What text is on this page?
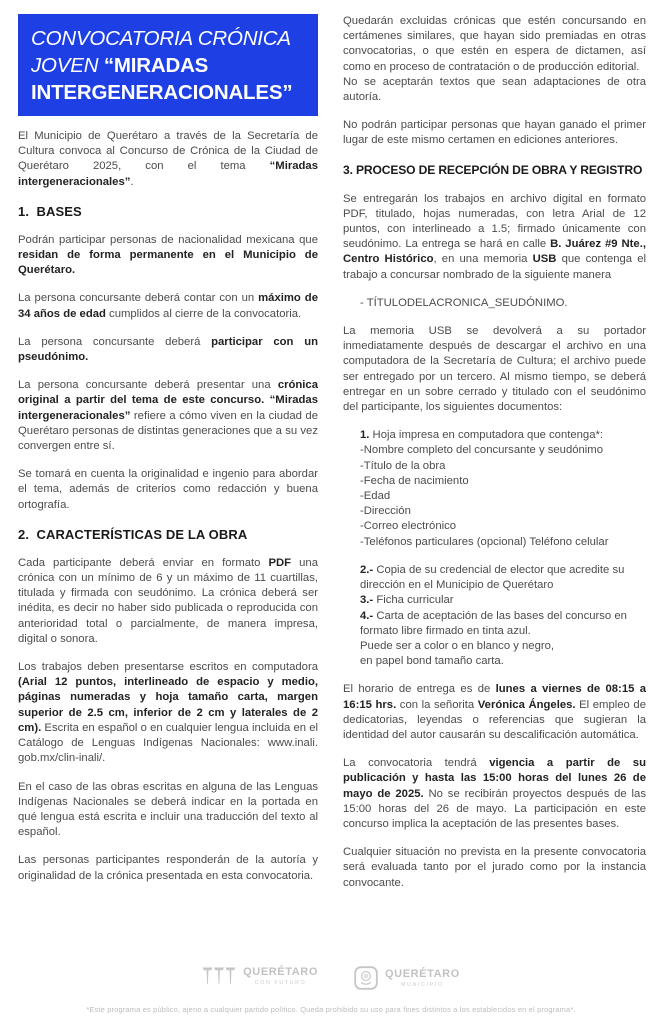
CONVOCATORIA CRÓNICA
JOVEN “MIRADAS
INTERGENERACIONALES”

El Municipio de Querétaro a través de la Secretaría de Cultura convoca al Concurso de Crónica de la Ciudad de Querétaro 2025, con el tema “Miradas intergeneracionales”.

1.  BASES

Podrán participar personas de nacionalidad mexicana que residan de forma permanente en el Municipio de Querétaro.

La persona concursante deberá contar con un máximo de 34 años de edad cumplidos al cierre de la convocatoria.

La persona concursante deberá participar con un pseudónimo.

La persona concursante deberá presentar una crónica original a partir del tema de este concurso. “Miradas intergeneracionales” refiere a cómo viven en la ciudad de Querétaro personas de distintas generaciones que a su vez convergen entre sí.

Se tomará en cuenta la originalidad e ingenio para abordar el tema, además de criterios como redacción y buena ortografía.

2.  CARACTERÍSTICAS DE LA OBRA

Cada participante deberá enviar en formato PDF una crónica con un mínimo de 6 y un máximo de 11 cuartillas, titulada y firmada con seudónimo. La crónica deberá ser inédita, es decir no haber sido publicada o reproducida con anterioridad total o parcialmente, de manera impresa, digital o sonora.

Los trabajos deben presentarse escritos en computadora (Arial 12 puntos, interlineado de espacio y medio, páginas numeradas y hoja tamaño carta, margen superior de 2.5 cm, inferior de 2 cm y laterales de 2 cm). Escrita en español o en cualquier lengua incluida en el Catálogo de Lenguas Indígenas Nacionales: www.inali. gob.mx/clin-inali/.

En el caso de las obras escritas en alguna de las Lenguas Indígenas Nacionales se deberá indicar en la portada en qué lengua está escrita e incluir una traducción del texto al español.

Las personas participantes responderán de la autoría y originalidad de la crónica presentada en esta convocatoria.

Quedarán excluidas crónicas que estén concursando en certámenes similares, que hayan sido premiadas en otras convocatorias, o que estén en espera de dictamen, así como en proceso de contratación o de producción editorial.
No se aceptarán textos que sean adaptaciones de otra autoría.

No podrán participar personas que hayan ganado el primer lugar de este mismo certamen en ediciones anteriores.

3. PROCESO DE RECEPCIÓN DE OBRA Y REGISTRO

Se entregarán los trabajos en archivo digital en formato PDF, titulado, hojas numeradas, con letra Arial de 12 puntos, con interlineado a 1.5; firmado únicamente con seudónimo. La entrega se hará en calle B. Juárez #9 Nte., Centro Histórico, en una memoria USB que contenga el trabajo a concursar nombrado de la siguiente manera

- TÍTULODELACRONICA_SEUDÓNIMO.

La memoria USB se devolverá a su portador inmediatamente después de descargar el archivo en una computadora de la Secretaría de Cultura; el archivo puede ser entregado por un tercero. Al mismo tiempo, se deberá entregar en un sobre cerrado y titulado con el seudónimo del participante, los siguientes documentos:

1. Hoja impresa en computadora que contenga*:
-Nombre completo del concursante y seudónimo
-Título de la obra
-Fecha de nacimiento
-Edad
-Dirección
-Correo electrónico
-Teléfonos particulares (opcional) Teléfono celular

2.- Copia de su credencial de elector que acredite su dirección en el Municipio de Querétaro
3.- Ficha curricular
4.- Carta de aceptación de las bases del concurso en formato libre firmado en tinta azul.
Puede ser a color o en blanco y negro,
en papel bond tamaño carta.

El horario de entrega es de lunes a viernes de 08:15 a 16:15 hrs. con la señorita Verónica Ángeles. El empleo de dedicatorias, leyendas o referencias que sugieran la identidad del autor causarán su descalificación automática.

La convocatoria tendrá vigencia a partir de su publicación y hasta las 15:00 horas del lunes 26 de mayo de 2025. No se recibirán proyectos después de las 15:00 horas del 26 de mayo. La participación en este concurso implica la aceptación de las presentes bases.

Cualquier situación no prevista en la presente convocatoria será evaluada tanto por el jurado como por la instancia convocante.

QUERÉTARO
CON FUTURO
QUERÉTARO
MUNICIPIO
*Este programa es público, ajeno a cualquier partido político. Queda prohibido su uso para fines distintos a los establecidos en el programa*.
